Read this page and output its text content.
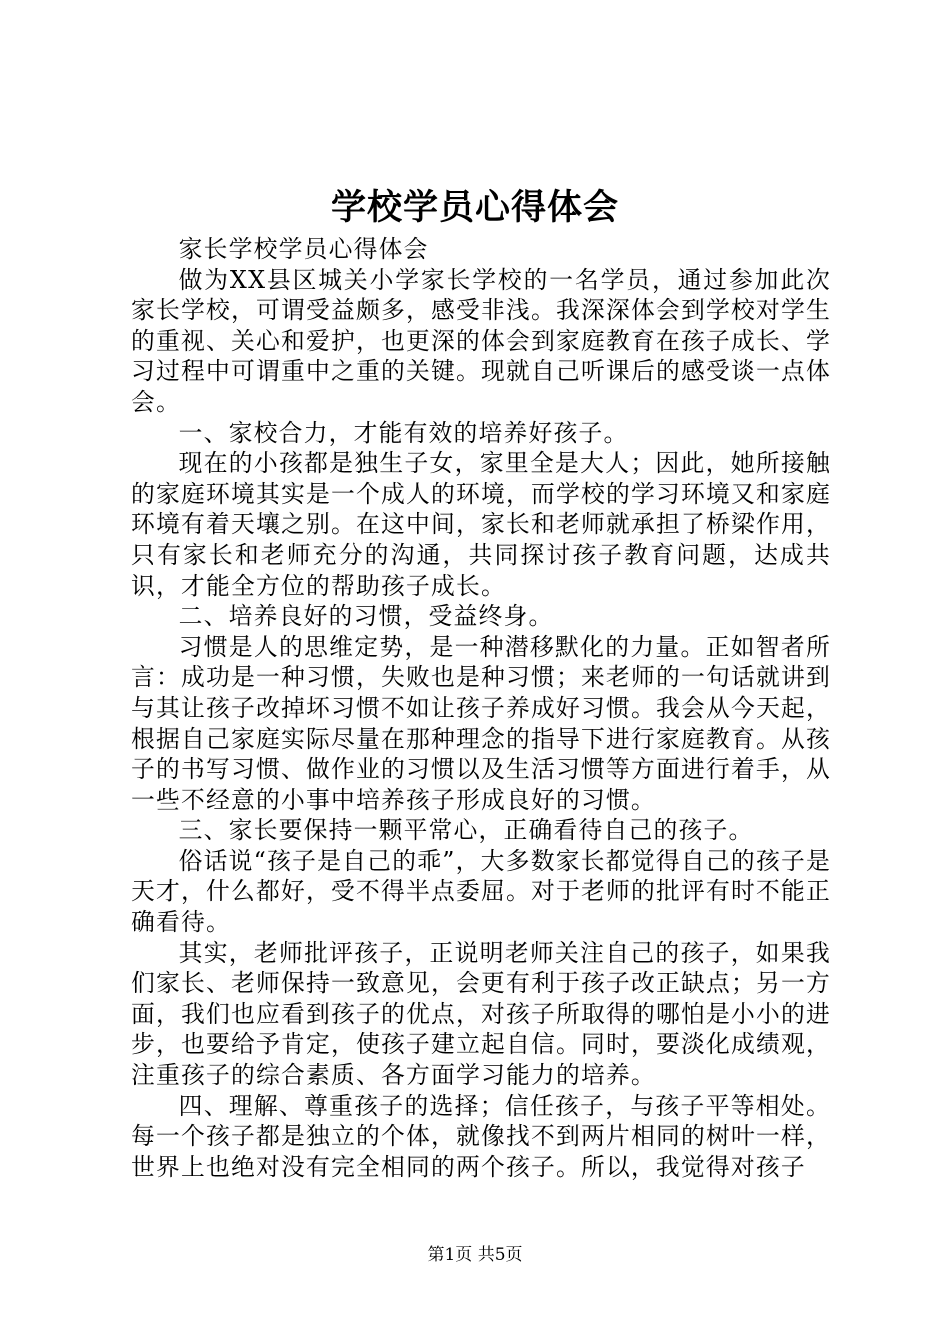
学校学员心得体会

家长学校学员心得体会

做为XX县区城关小学家长学校的一名学员，通过参加此次家长学校，可谓受益颇多，感受非浅。我深深体会到学校对学生的重视、关心和爱护，也更深的体会到家庭教育在孩子成长、学习过程中可谓重中之重的关键。现就自己听课后的感受谈一点体会。

一、家校合力，才能有效的培养好孩子。

现在的小孩都是独生子女，家里全是大人；因此，她所接触的家庭环境其实是一个成人的环境，而学校的学习环境又和家庭环境有着天壤之别。在这中间，家长和老师就承担了桥梁作用，只有家长和老师充分的沟通，共同探讨孩子教育问题，达成共识，才能全方位的帮助孩子成长。

二、培养良好的习惯，受益终身。

习惯是人的思维定势，是一种潜移默化的力量。正如智者所言：成功是一种习惯，失败也是种习惯；来老师的一句话就讲到与其让孩子改掉坏习惯不如让孩子养成好习惯。我会从今天起，根据自己家庭实际尽量在那种理念的指导下进行家庭教育。从孩子的书写习惯、做作业的习惯以及生活习惯等方面进行着手，从一些不经意的小事中培养孩子形成良好的习惯。

三、家长要保持一颗平常心，正确看待自己的孩子。

俗话说“孩子是自己的乖”，大多数家长都觉得自己的孩子是天才，什么都好，受不得半点委屈。对于老师的批评有时不能正确看待。

其实，老师批评孩子，正说明老师关注自己的孩子，如果我们家长、老师保持一致意见，会更有利于孩子改正缺点；另一方面，我们也应看到孩子的优点，对孩子所取得的哪怕是小小的进步，也要给予肯定，使孩子建立起自信。同时，要淡化成绩观，注重孩子的综合素质、各方面学习能力的培养。

四、理解、尊重孩子的选择；信任孩子，与孩子平等相处。每一个孩子都是独立的个体，就像找不到两片相同的树叶一样，世界上也绝对没有完全相同的两个孩子。所以，我觉得对孩子

第1页 共5页
